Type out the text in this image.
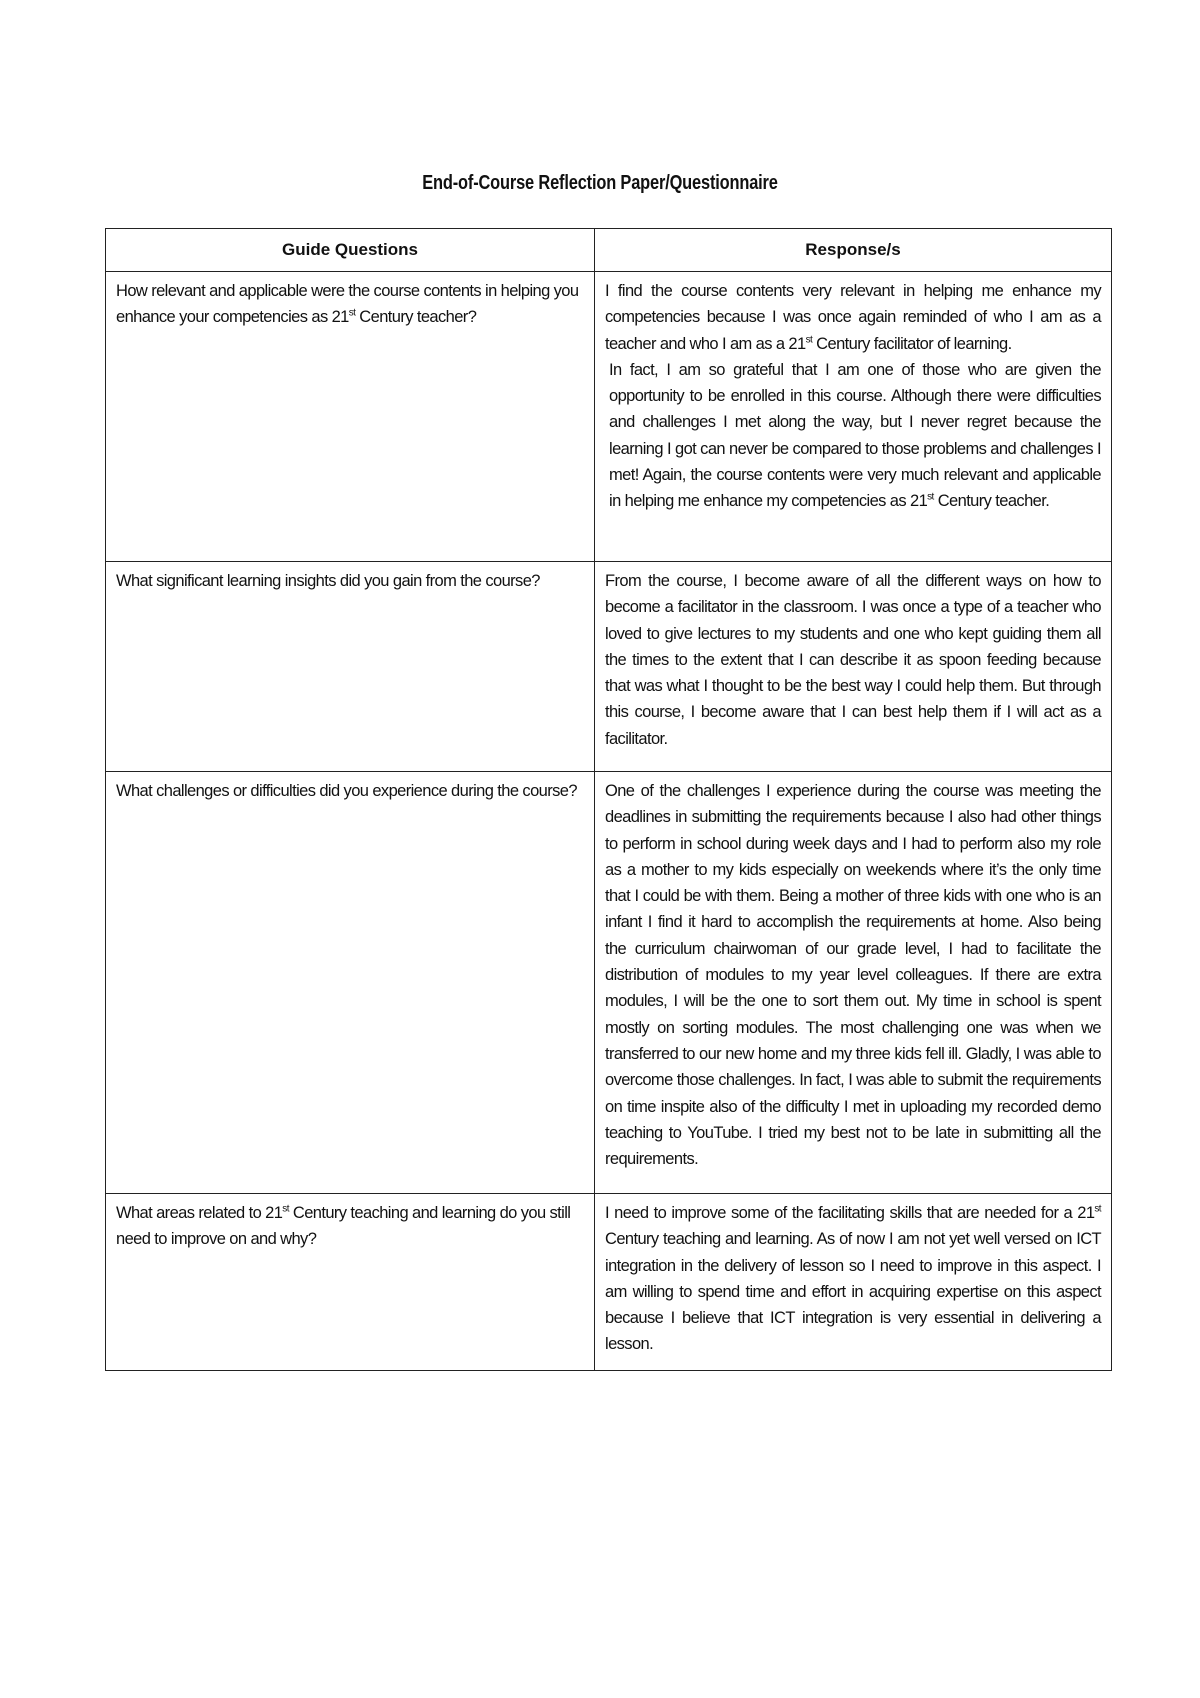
End-of-Course Reflection Paper/Questionnaire
Guide Questions	Response/s
How relevant and applicable were the course contents in helping you enhance your competencies as 21st Century teacher?	I find the course contents very relevant in helping me enhance my competencies because I was once again reminded of who I am as a teacher and who I am as a 21st Century facilitator of learning.
In fact, I am so grateful that I am one of those who are given the opportunity to be enrolled in this course. Although there were difficulties and challenges I met along the way, but I never regret because the learning I got can never be compared to those problems and challenges I met! Again, the course contents were very much relevant and applicable in helping me enhance my competencies as 21st Century teacher.

What significant learning insights did you gain from the course?	From the course, I become aware of all the different ways on how to become a facilitator in the classroom. I was once a type of a teacher who loved to give lectures to my students and one who kept guiding them all the times to the extent that I can describe it as spoon feeding because that was what I thought to be the best way I could help them. But through this course, I become aware that I can best help them if I will act as a facilitator.

What challenges or difficulties did you experience during the course?	One of the challenges I experience during the course was meeting the deadlines in submitting the requirements because I also had other things to perform in school during week days and I had to perform also my role as a mother to my kids especially on weekends where it’s the only time that I could be with them. Being a mother of three kids with one who is an infant I find it hard to accomplish the requirements at home. Also being the curriculum chairwoman of our grade level, I had to facilitate the distribution of modules to my year level colleagues. If there are extra modules, I will be the one to sort them out. My time in school is spent mostly on sorting modules. The most challenging one was when we transferred to our new home and my three kids fell ill. Gladly, I was able to overcome those challenges. In fact, I was able to submit the requirements on time inspite also of the difficulty I met in uploading my recorded demo teaching to YouTube. I tried my best not to be late in submitting all the requirements.

What areas related to 21st Century teaching and learning do you still need to improve on and why?	I need to improve some of the facilitating skills that are needed for a 21st Century teaching and learning. As of now I am not yet well versed on ICT integration in the delivery of lesson so I need to improve in this aspect. I am willing to spend time and effort in acquiring expertise on this aspect because I believe that ICT integration is very essential in delivering a lesson.
